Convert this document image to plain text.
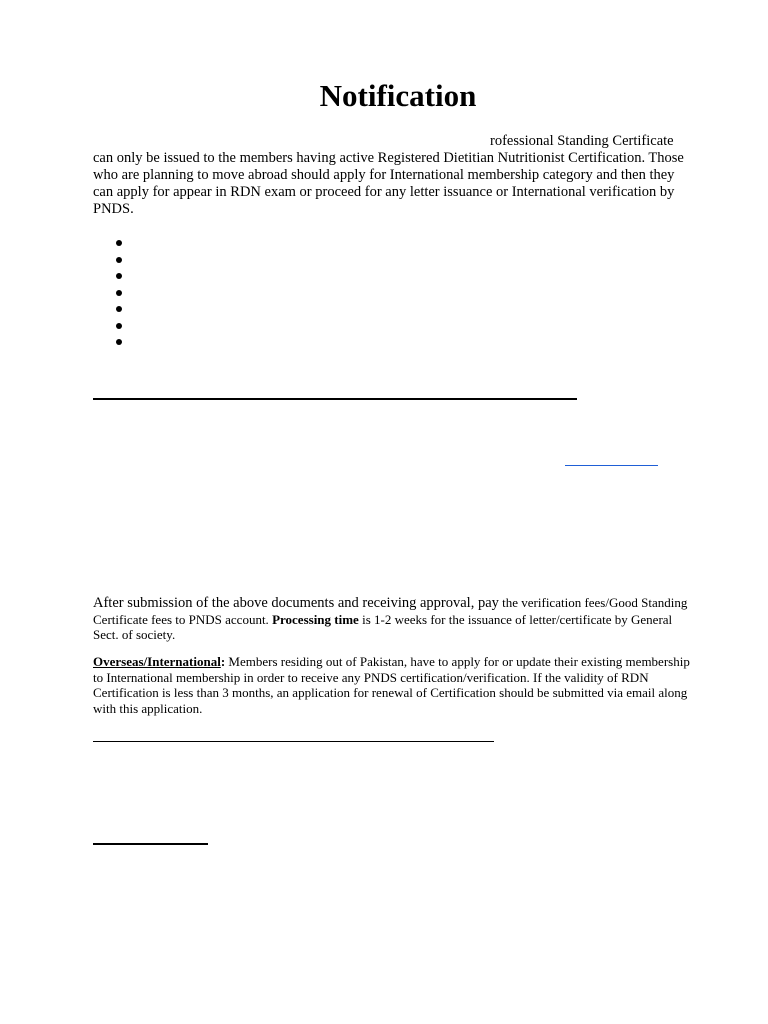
Notification
rofessional Standing Certificate

can only be issued to the members having active Registered Dietitian Nutritionist Certification. Those who are planning to move abroad should apply for International membership category and then they can apply for appear in RDN exam or proceed for any letter issuance or International verification by PNDS.

After submission of the above documents and receiving approval, pay the verification fees/Good Standing Certificate fees to PNDS account. Processing time is 1-2 weeks for the issuance of letter/certificate by General Sect. of society.

Overseas/International: Members residing out of Pakistan, have to apply for or update their existing membership to International membership in order to receive any PNDS certification/verification. If the validity of RDN Certification is less than 3 months, an application for renewal of Certification should be submitted via email along with this application.
